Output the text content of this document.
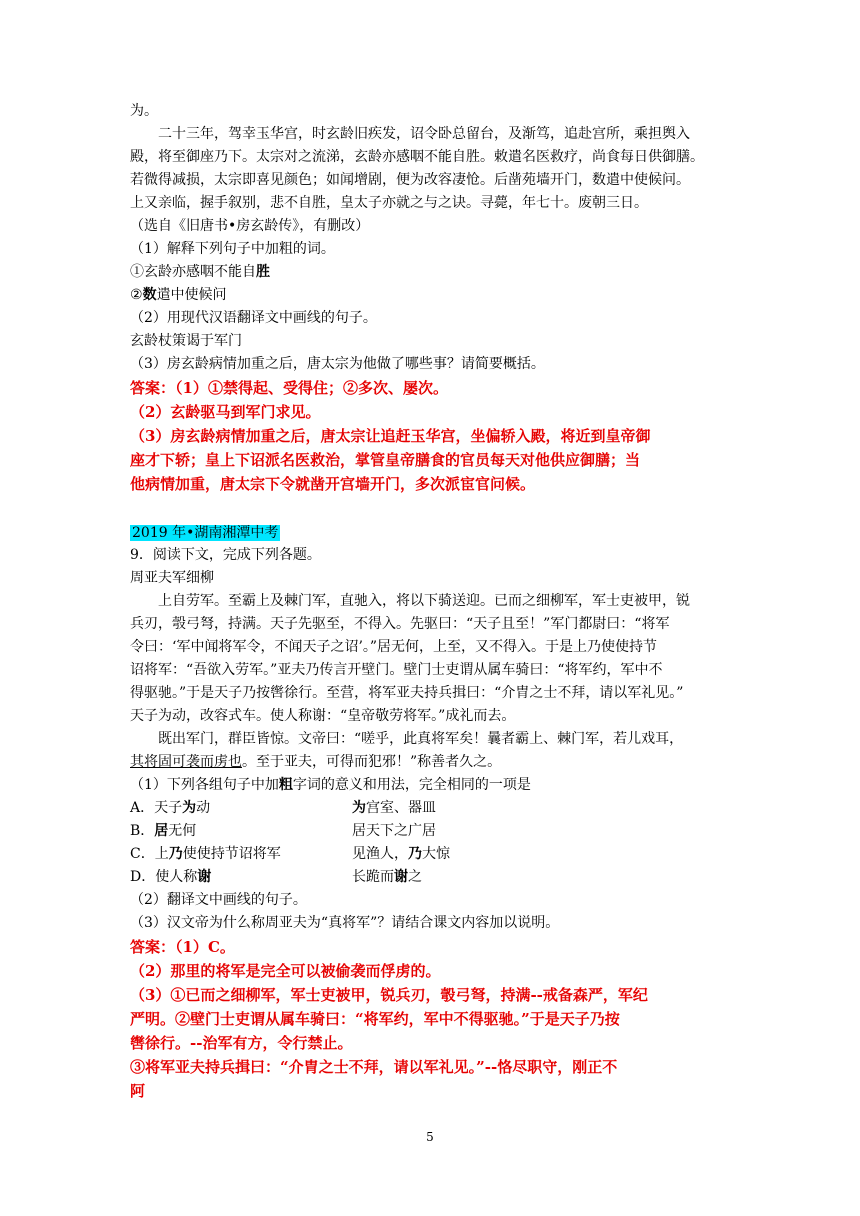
为。

二十三年，驾幸玉华宫，时玄龄旧疾发，诏令卧总留台，及渐笃，追赴宫所，乘担舆入

殿，将至御座乃下。太宗对之流涕，玄龄亦感咽不能自胜。敕遣名医救疗，尚食每日供御膳。

若微得减损，太宗即喜见颜色；如闻增剧，便为改容凄怆。后凿苑墙开门，数遣中使候问。

上又亲临，握手叙别，悲不自胜，皇太子亦就之与之诀。寻薨，年七十。废朝三日。

（选自《旧唐书•房玄龄传》，有删改）

（1）解释下列句子中加粗的词。

①玄龄亦感咽不能自胜

②数遣中使候问

（2）用现代汉语翻译文中画线的句子。

玄龄杖策谒于军门

（3）房玄龄病情加重之后，唐太宗为他做了哪些事？请简要概括。

答案：（1）①禁得起、受得住；②多次、屡次。

（2）玄龄驱马到军门求见。

（3）房玄龄病情加重之后，唐太宗让追赶玉华宫，坐偏轿入殿，将近到皇帝御

座才下轿；皇上下诏派名医救治，掌管皇帝膳食的官员每天对他供应御膳；当

他病情加重，唐太宗下令就凿开宫墙开门，多次派宦官问候。

2019 年•湖南湘潭中考

9．阅读下文，完成下列各题。

周亚夫军细柳

上自劳军。至霸上及棘门军，直驰入，将以下骑送迎。已而之细柳军，军士吏被甲，锐

兵刃，彀弓弩，持满。天子先驱至，不得入。先驱曰：“天子且至！”军门都尉曰：“将军

令曰：‘军中闻将军令，不闻天子之诏’。”居无何，上至，又不得入。于是上乃使使持节

诏将军：“吾欲入劳军。”亚夫乃传言开壁门。壁门士吏谓从属车骑曰：“将军约，军中不

得驱驰。”于是天子乃按辔徐行。至营，将军亚夫持兵揖曰：“介胄之士不拜，请以军礼见。”

天子为动，改容式车。使人称谢：“皇帝敬劳将军。”成礼而去。

既出军门，群臣皆惊。文帝曰：“嗟乎，此真将军矣！曩者霸上、棘门军，若儿戏耳，

其将固可袭而虏也。至于亚夫，可得而犯邪！”称善者久之。

（1）下列各组句子中加粗字词的意义和用法，完全相同的一项是

A．天子为动	为宫室、器皿

B．居无何	居天下之广居

C．上乃使使持节诏将军	见渔人，乃大惊

D．使人称谢	长跪而谢之

（2）翻译文中画线的句子。

（3）汉文帝为什么称周亚夫为“真将军”？请结合课文内容加以说明。

答案：（1）C。

（2）那里的将军是完全可以被偷袭而俘虏的。

（3）①已而之细柳军，军士吏被甲，锐兵刃，彀弓弩，持满--戒备森严，军纪

严明。②壁门士吏谓从属车骑曰：“将军约，军中不得驱驰。”于是天子乃按

辔徐行。--治军有方，令行禁止。

③将军亚夫持兵揖曰：“介胄之士不拜，请以军礼见。”--恪尽职守，刚正不

阿

5
